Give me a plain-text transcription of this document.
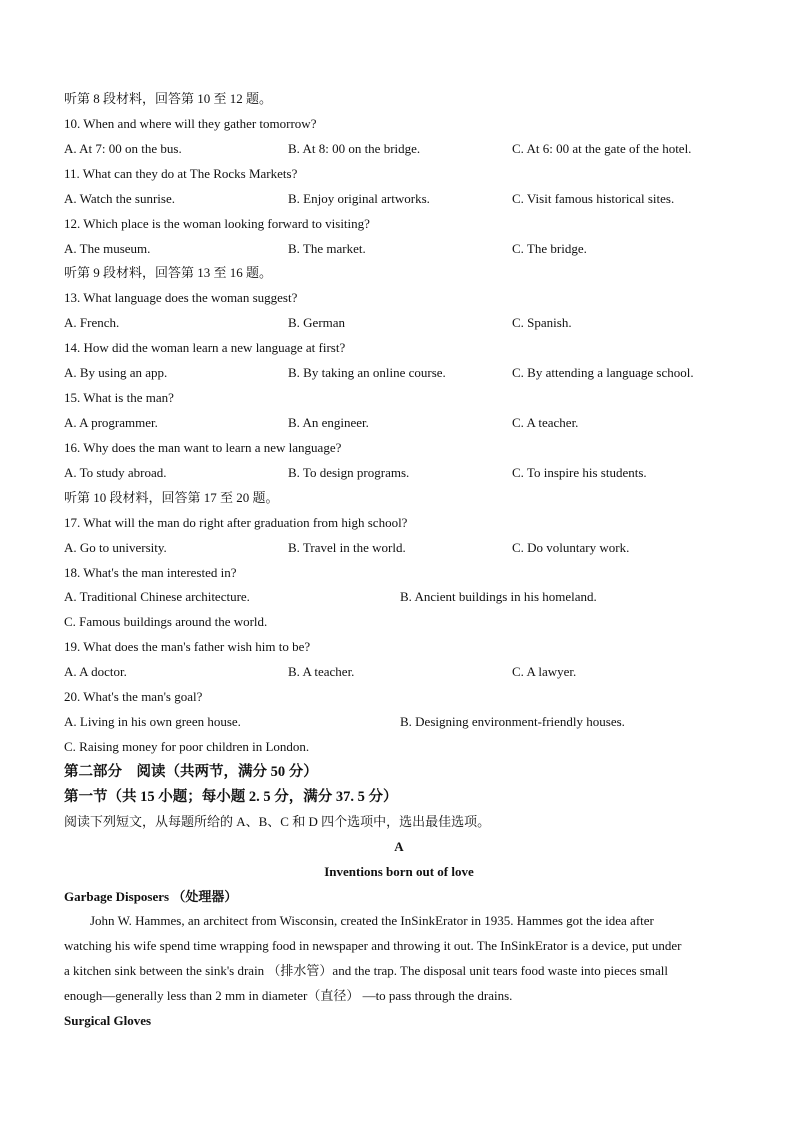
听第 8 段材料，回答第 10 至 12 题。
10. When and where will they gather tomorrow?
A. At 7: 00 on the bus.	B. At 8: 00 on the bridge.	C. At 6: 00 at the gate of the hotel.
11. What can they do at The Rocks Markets?
A. Watch the sunrise.	B. Enjoy original artworks.	C. Visit famous historical sites.
12. Which place is the woman looking forward to visiting?
A. The museum.	B. The market.	C. The bridge.
听第 9 段材料，回答第 13 至 16 题。
13. What language does the woman suggest?
A. French.	B. German	C. Spanish.
14. How did the woman learn a new language at first?
A. By using an app.	B. By taking an online course.	C. By attending a language school.
15. What is the man?
A. A programmer.	B. An engineer.	C. A teacher.
16. Why does the man want to learn a new language?
A. To study abroad.	B. To design programs.	C. To inspire his students.
听第 10 段材料，回答第 17 至 20 题。
17. What will the man do right after graduation from high school?
A. Go to university.	B. Travel in the world.	C. Do voluntary work.
18. What's the man interested in?
A. Traditional Chinese architecture.	B. Ancient buildings in his homeland.
C. Famous buildings around the world.
19. What does the man's father wish him to be?
A. A doctor.	B. A teacher.	C. A lawyer.
20. What's the man's goal?
A. Living in his own green house.	B. Designing environment-friendly houses.
C. Raising money for poor children in London.
第二部分　阅读（共两节，满分 50 分）
第一节（共 15 小题；每小题 2. 5 分，满分 37. 5 分）
阅读下列短文，从每题所给的 A、B、C 和 D 四个选项中，选出最佳选项。
A
Inventions born out of love
Garbage Disposers （处理器）
John W. Hammes, an architect from Wisconsin, created the InSinkErator in 1935. Hammes got the idea after
watching his wife spend time wrapping food in newspaper and throwing it out. The InSinkErator is a device, put under
a kitchen sink between the sink's drain （排水管）and the trap. The disposal unit tears food waste into pieces small
enough—generally less than 2 mm in diameter（直径） —to pass through the drains.
Surgical Gloves
